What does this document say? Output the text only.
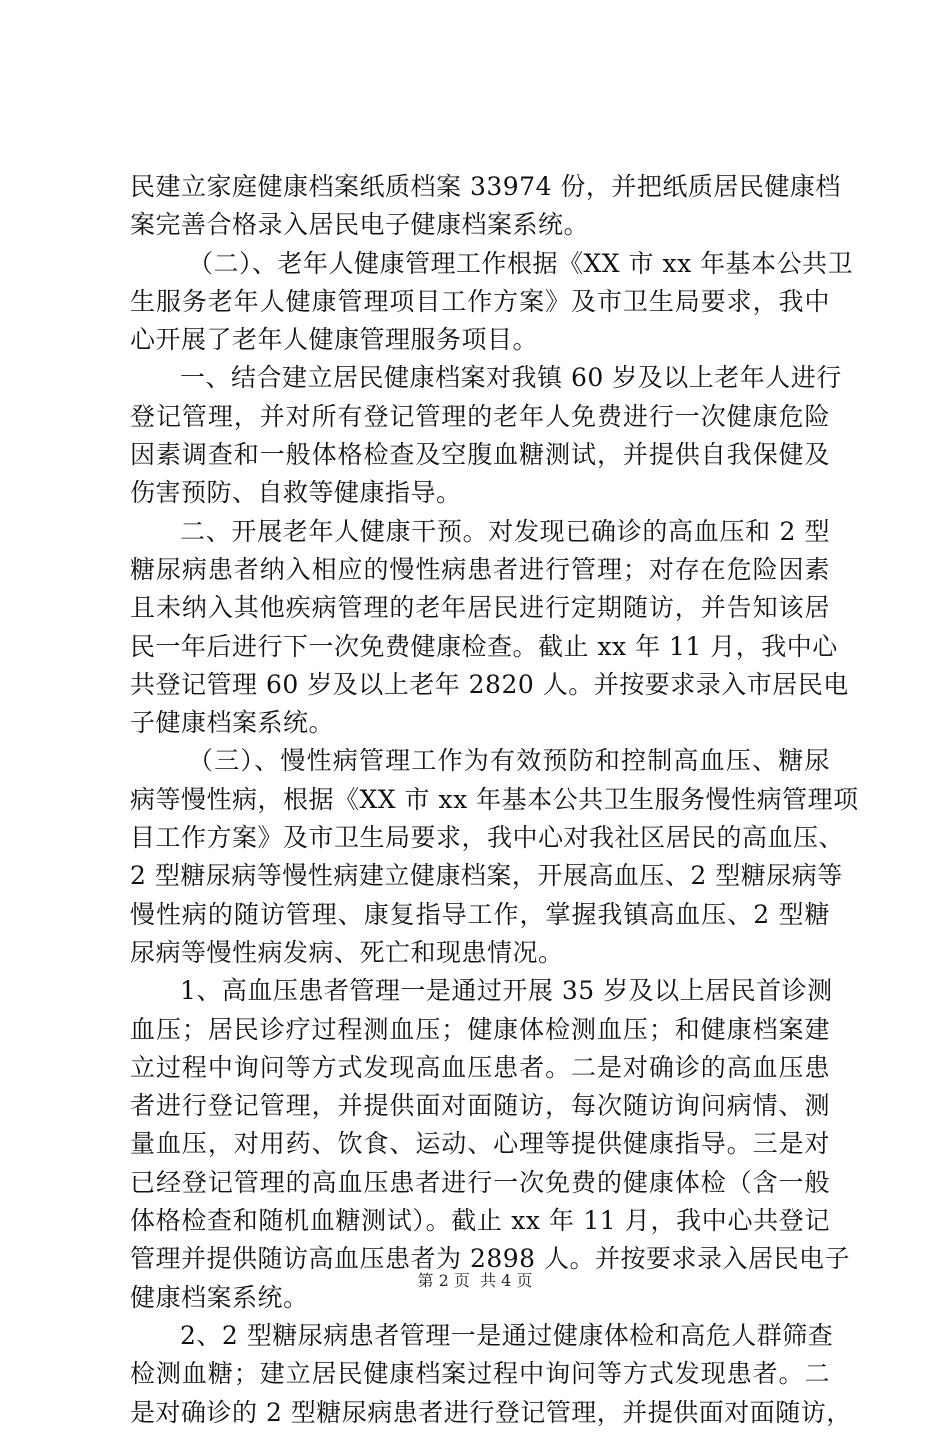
民建立家庭健康档案纸质档案 33974 份，并把纸质居民健康档
案完善合格录入居民电子健康档案系统。
（二）、老年人健康管理工作根据《XX 市 xx 年基本公共卫
生服务老年人健康管理项目工作方案》及市卫生局要求，我中
心开展了老年人健康管理服务项目。
一、结合建立居民健康档案对我镇 60 岁及以上老年人进行
登记管理，并对所有登记管理的老年人免费进行一次健康危险
因素调查和一般体格检查及空腹血糖测试，并提供自我保健及
伤害预防、自救等健康指导。
二、开展老年人健康干预。对发现已确诊的高血压和 2 型
糖尿病患者纳入相应的慢性病患者进行管理；对存在危险因素
且未纳入其他疾病管理的老年居民进行定期随访，并告知该居
民一年后进行下一次免费健康检查。截止 xx 年 11 月，我中心
共登记管理 60 岁及以上老年 2820 人。并按要求录入市居民电
子健康档案系统。
（三）、慢性病管理工作为有效预防和控制高血压、糖尿
病等慢性病，根据《XX 市 xx 年基本公共卫生服务慢性病管理项
目工作方案》及市卫生局要求，我中心对我社区居民的高血压、
2 型糖尿病等慢性病建立健康档案，开展高血压、2 型糖尿病等
慢性病的随访管理、康复指导工作，掌握我镇高血压、2 型糖
尿病等慢性病发病、死亡和现患情况。
1、高血压患者管理一是通过开展 35 岁及以上居民首诊测
血压；居民诊疗过程测血压；健康体检测血压；和健康档案建
立过程中询问等方式发现高血压患者。二是对确诊的高血压患
者进行登记管理，并提供面对面随访，每次随访询问病情、测
量血压，对用药、饮食、运动、心理等提供健康指导。三是对
已经登记管理的高血压患者进行一次免费的健康体检（含一般
体格检查和随机血糖测试）。截止 xx 年 11 月，我中心共登记
管理并提供随访高血压患者为 2898 人。并按要求录入居民电子
健康档案系统。
2、2 型糖尿病患者管理一是通过健康体检和高危人群筛查
检测血糖；建立居民健康档案过程中询问等方式发现患者。二
是对确诊的 2 型糖尿病患者进行登记管理，并提供面对面随访，
第 2 页  共 4 页
